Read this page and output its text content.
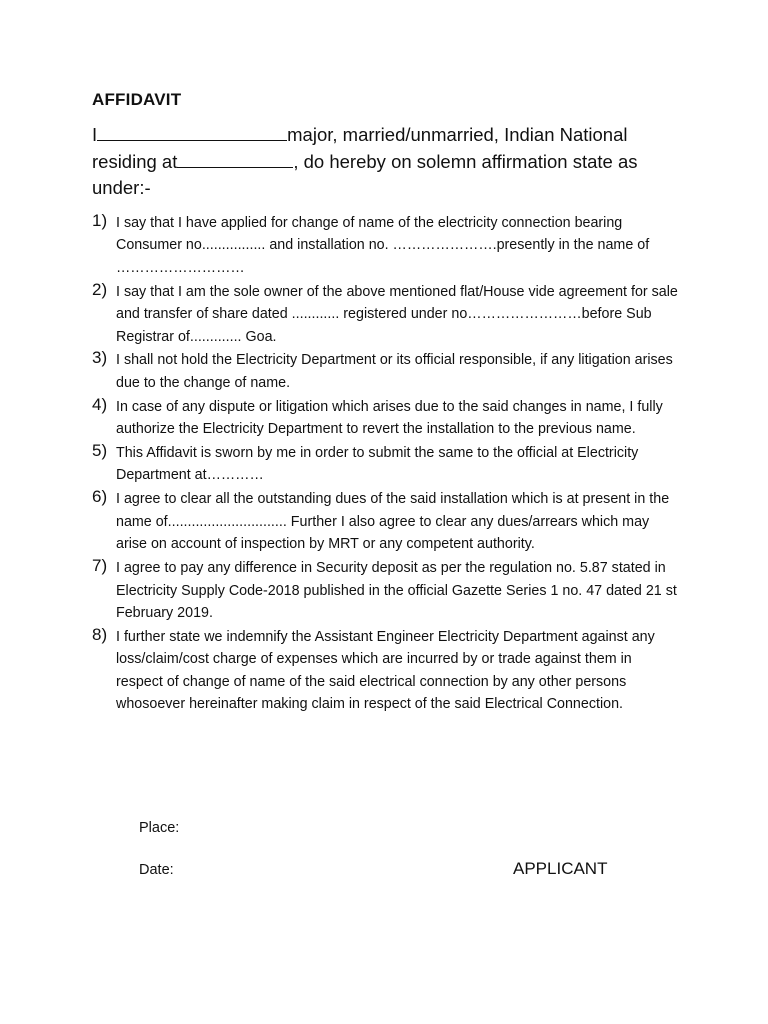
AFFIDAVIT
I	major, married/unmarried, Indian National residing at	, do hereby on solemn affirmation state as under:-
1) I say that I have applied for change of name of the electricity connection bearing Consumer no................ and installation no. ………………….presently in the name of ………………………
2) I say that I am the sole owner of the above mentioned flat/House vide agreement for sale and transfer of share dated ............ registered under no……………………before Sub Registrar of............. Goa.
3) I shall not hold the Electricity Department or its official responsible, if any litigation arises due to the change of name.
4) In case of any dispute or litigation which arises due to the said changes in name, I fully authorize the Electricity Department to revert the installation to the previous name.
5) This Affidavit is sworn by me in order to submit the same to the official at Electricity Department at…………
6) I agree to clear all the outstanding dues of the said installation which is at present in the name of.............................. Further I also agree to clear any dues/arrears which may arise on account of inspection by MRT or any competent authority.
7) I agree to pay any difference in Security deposit as per the regulation no. 5.87 stated in Electricity Supply Code-2018 published in the official Gazette Series 1 no. 47 dated 21 st February 2019.
8) I further state we indemnify the Assistant Engineer Electricity Department against any loss/claim/cost charge of expenses which are incurred by or trade against them in respect of change of name of the said electrical connection by any other persons whosoever hereinafter making claim in respect of the said Electrical Connection.
Place:
Date:	APPLICANT
